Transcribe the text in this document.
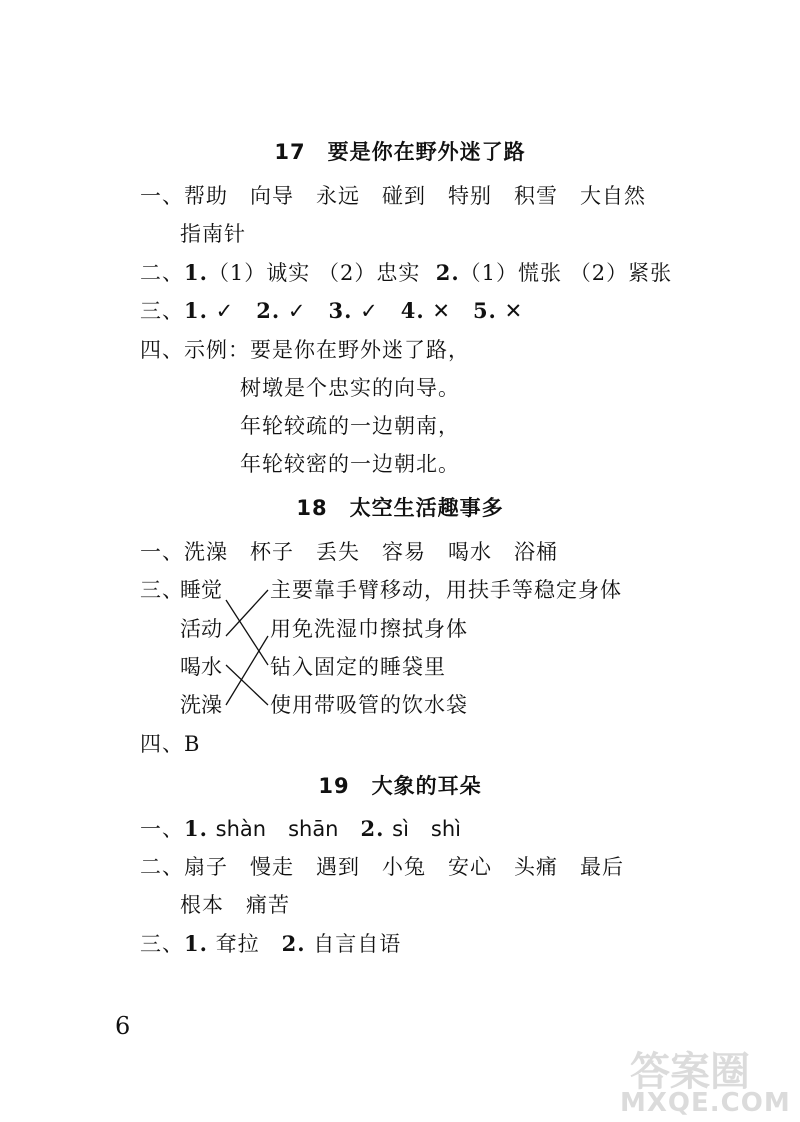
17 要是你在野外迷了路
一、帮助 向导 永远 碰到 特别 积雪 大自然
指南针
二、1.（1）诚实 （2）忠实 2.（1）慌张 （2）紧张
三、1. ✓ 2. ✓ 3. ✓ 4. ✕ 5. ✕
四、示例：要是你在野外迷了路，
树墩是个忠实的向导。
年轮较疏的一边朝南，
年轮较密的一边朝北。
18 太空生活趣事多
一、洗澡 杯子 丢失 容易 喝水 浴桶
三、
睡觉
活动
喝水
洗澡
主要靠手臂移动，用扶手等稳定身体
用免洗湿巾擦拭身体
钻入固定的睡袋里
使用带吸管的饮水袋
四、B
19 大象的耳朵
一、1. shàn shān 2. sì shì
二、扇子 慢走 遇到 小兔 安心 头痛 最后
根本 痛苦
三、1. 耷拉 2. 自言自语
6
答案圈
MXQE.COM
